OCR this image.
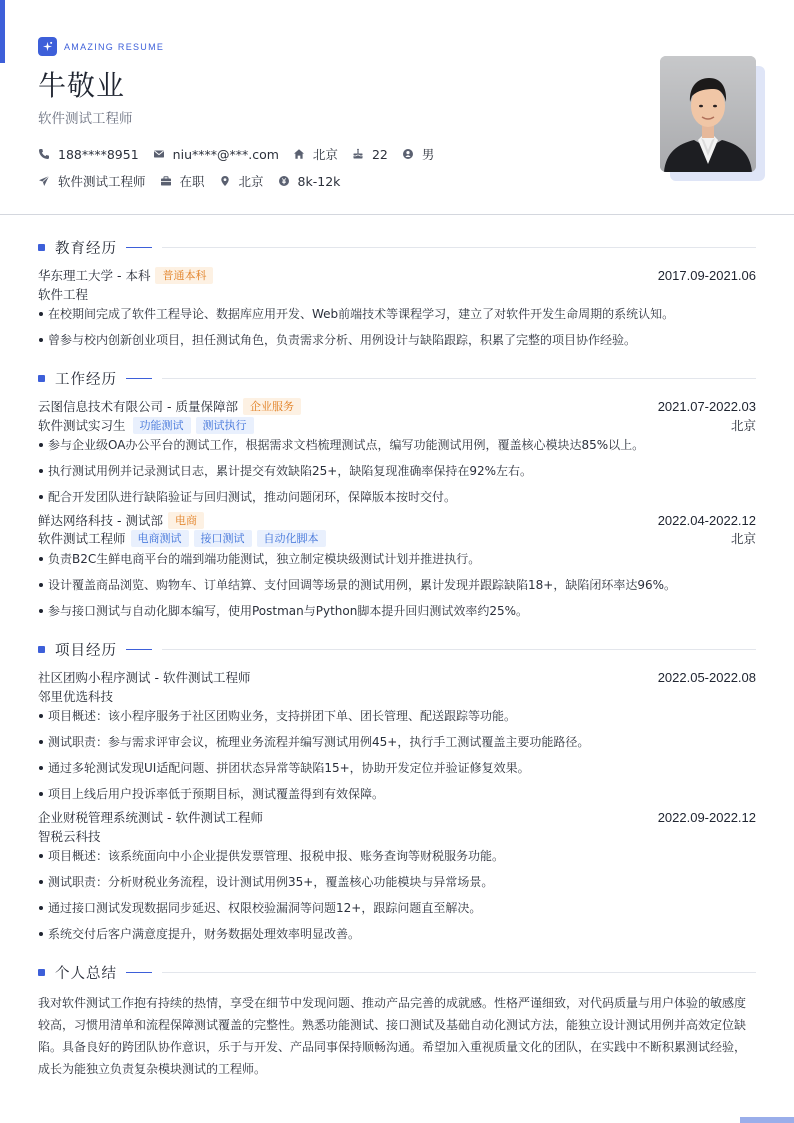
AMAZING RESUME
牛敬业
软件测试工程师
188****8951	niu****@***.com	北京	22	男
软件测试工程师	在职	北京	8k-12k
教育经历
华东理工大学 - 本科	普通本科	2017.09-2021.06
软件工程
在校期间完成了软件工程导论、数据库应用开发、Web前端技术等课程学习，建立了对软件开发生命周期的系统认知。
曾参与校内创新创业项目，担任测试角色，负责需求分析、用例设计与缺陷跟踪，积累了完整的项目协作经验。
工作经历
云图信息技术有限公司 - 质量保障部	企业服务	2021.07-2022.03
软件测试实习生	功能测试	测试执行	北京
参与企业级OA办公平台的测试工作，根据需求文档梳理测试点，编写功能测试用例，覆盖核心模块达85%以上。
执行测试用例并记录测试日志，累计提交有效缺陷25+，缺陷复现准确率保持在92%左右。
配合开发团队进行缺陷验证与回归测试，推动问题闭环，保障版本按时交付。
鲜达网络科技 - 测试部	电商	2022.04-2022.12
软件测试工程师	电商测试	接口测试	自动化脚本	北京
负责B2C生鲜电商平台的端到端功能测试，独立制定模块级测试计划并推进执行。
设计覆盖商品浏览、购物车、订单结算、支付回调等场景的测试用例，累计发现并跟踪缺陷18+，缺陷闭环率达96%。
参与接口测试与自动化脚本编写，使用Postman与Python脚本提升回归测试效率约25%。
项目经历
社区团购小程序测试 - 软件测试工程师	2022.05-2022.08
邻里优选科技
项目概述：该小程序服务于社区团购业务，支持拼团下单、团长管理、配送跟踪等功能。
测试职责：参与需求评审会议，梳理业务流程并编写测试用例45+，执行手工测试覆盖主要功能路径。
通过多轮测试发现UI适配问题、拼团状态异常等缺陷15+，协助开发定位并验证修复效果。
项目上线后用户投诉率低于预期目标，测试覆盖得到有效保障。
企业财税管理系统测试 - 软件测试工程师	2022.09-2022.12
智税云科技
项目概述：该系统面向中小企业提供发票管理、报税申报、账务查询等财税服务功能。
测试职责：分析财税业务流程，设计测试用例35+，覆盖核心功能模块与异常场景。
通过接口测试发现数据同步延迟、权限校验漏洞等问题12+，跟踪问题直至解决。
系统交付后客户满意度提升，财务数据处理效率明显改善。
个人总结
我对软件测试工作抱有持续的热情，享受在细节中发现问题、推动产品完善的成就感。性格严谨细致，对代码质量与用户体验的敏感度较高，习惯用清单和流程保障测试覆盖的完整性。熟悉功能测试、接口测试及基础自动化测试方法，能独立设计测试用例并高效定位缺陷。具备良好的跨团队协作意识，乐于与开发、产品同事保持顺畅沟通。希望加入重视质量文化的团队，在实践中不断积累测试经验，成长为能独立负责复杂模块测试的工程师。
